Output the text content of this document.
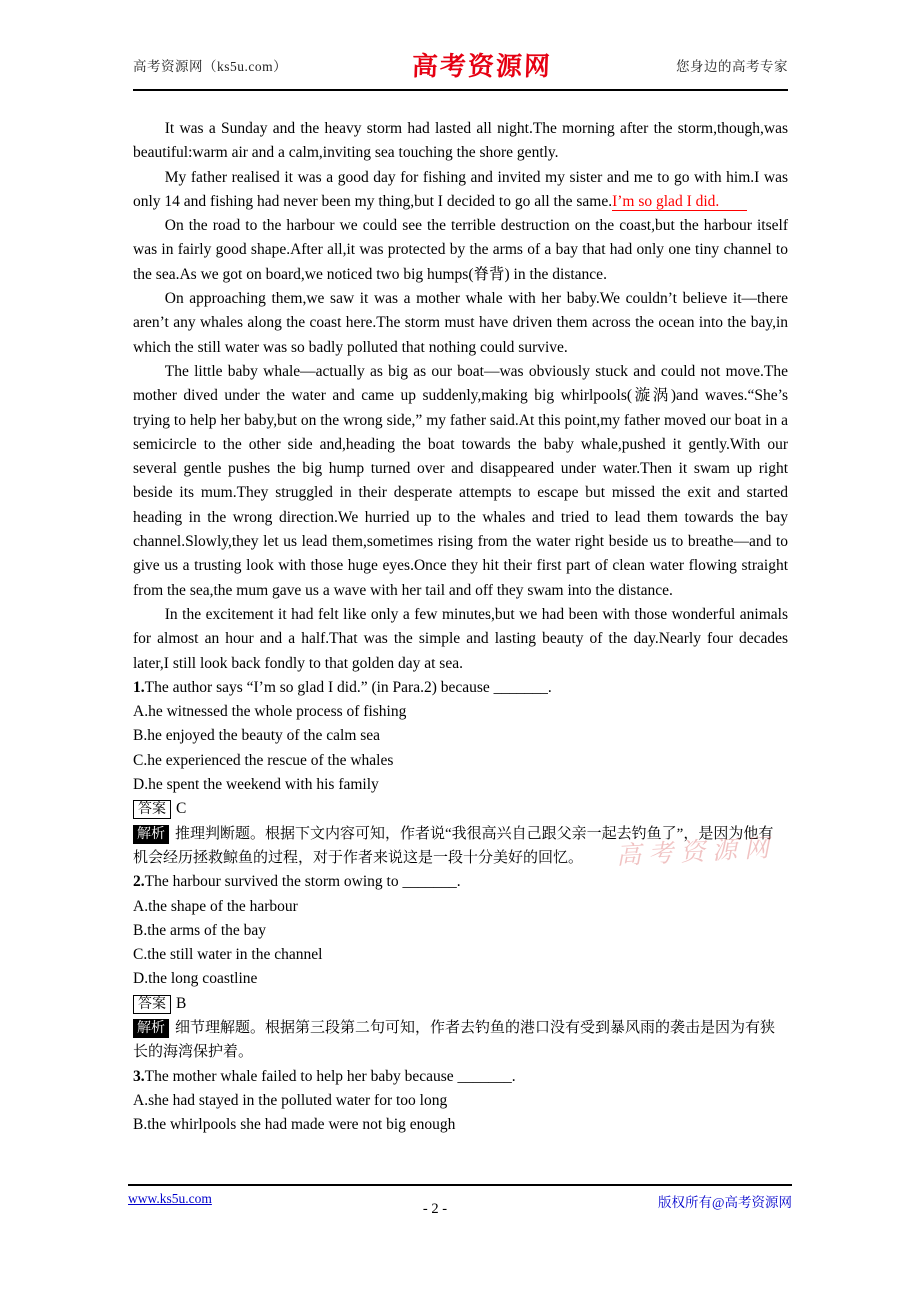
高考资源网（ks5u.com）	高考资源网	您身边的高考专家

It was a Sunday and the heavy storm had lasted all night.The morning after the storm,though,was beautiful:warm air and a calm,inviting sea touching the shore gently.

My father realised it was a good day for fishing and invited my sister and me to go with him.I was only 14 and fishing had never been my thing,but I decided to go all the same.I’m so glad I did.

On the road to the harbour we could see the terrible destruction on the coast,but the harbour itself was in fairly good shape.After all,it was protected by the arms of a bay that had only one tiny channel to the sea.As we got on board,we noticed two big humps(脊背) in the distance.

On approaching them,we saw it was a mother whale with her baby.We couldn’t believe it—there aren’t any whales along the coast here.The storm must have driven them across the ocean into the bay,in which the still water was so badly polluted that nothing could survive.

The little baby whale—actually as big as our boat—was obviously stuck and could not move.The mother dived under the water and came up suddenly,making big whirlpools(漩涡)and waves.“She’s trying to help her baby,but on the wrong side,” my father said.At this point,my father moved our boat in a semicircle to the other side and,heading the boat towards the baby whale,pushed it gently.With our several gentle pushes the big hump turned over and disappeared under water.Then it swam up right beside its mum.They struggled in their desperate attempts to escape but missed the exit and started heading in the wrong direction.We hurried up to the whales and tried to lead them towards the bay channel.Slowly,they let us lead them,sometimes rising from the water right beside us to breathe—and to give us a trusting look with those huge eyes.Once they hit their first part of clean water flowing straight from the sea,the mum gave us a wave with her tail and off they swam into the distance.

In the excitement it had felt like only a few minutes,but we had been with those wonderful animals for almost an hour and a half.That was the simple and lasting beauty of the day.Nearly four decades later,I still look back fondly to that golden day at sea.

1.The author says “I’m so glad I did.” (in Para.2) because _______.

A.he witnessed the whole process of fishing

B.he enjoyed the beauty of the calm sea

C.he experienced the rescue of the whales

D.he spent the weekend with his family

答案 C

解析 推理判断题。根据下文内容可知，作者说“我很高兴自己跟父亲一起去钓鱼了”，是因为他有机会经历拯救鲸鱼的过程，对于作者来说这是一段十分美好的回忆。

2.The harbour survived the storm owing to _______.

A.the shape of the harbour

B.the arms of the bay

C.the still water in the channel

D.the long coastline

答案 B

解析 细节理解题。根据第三段第二句可知，作者去钓鱼的港口没有受到暴风雨的袭击是因为有狭长的海湾保护着。

3.The mother whale failed to help her baby because _______.

A.she had stayed in the polluted water for too long

B.the whirlpools she had made were not big enough

高考资源网
www.ks5u.com
- 2 -	版权所有@高考资源网
